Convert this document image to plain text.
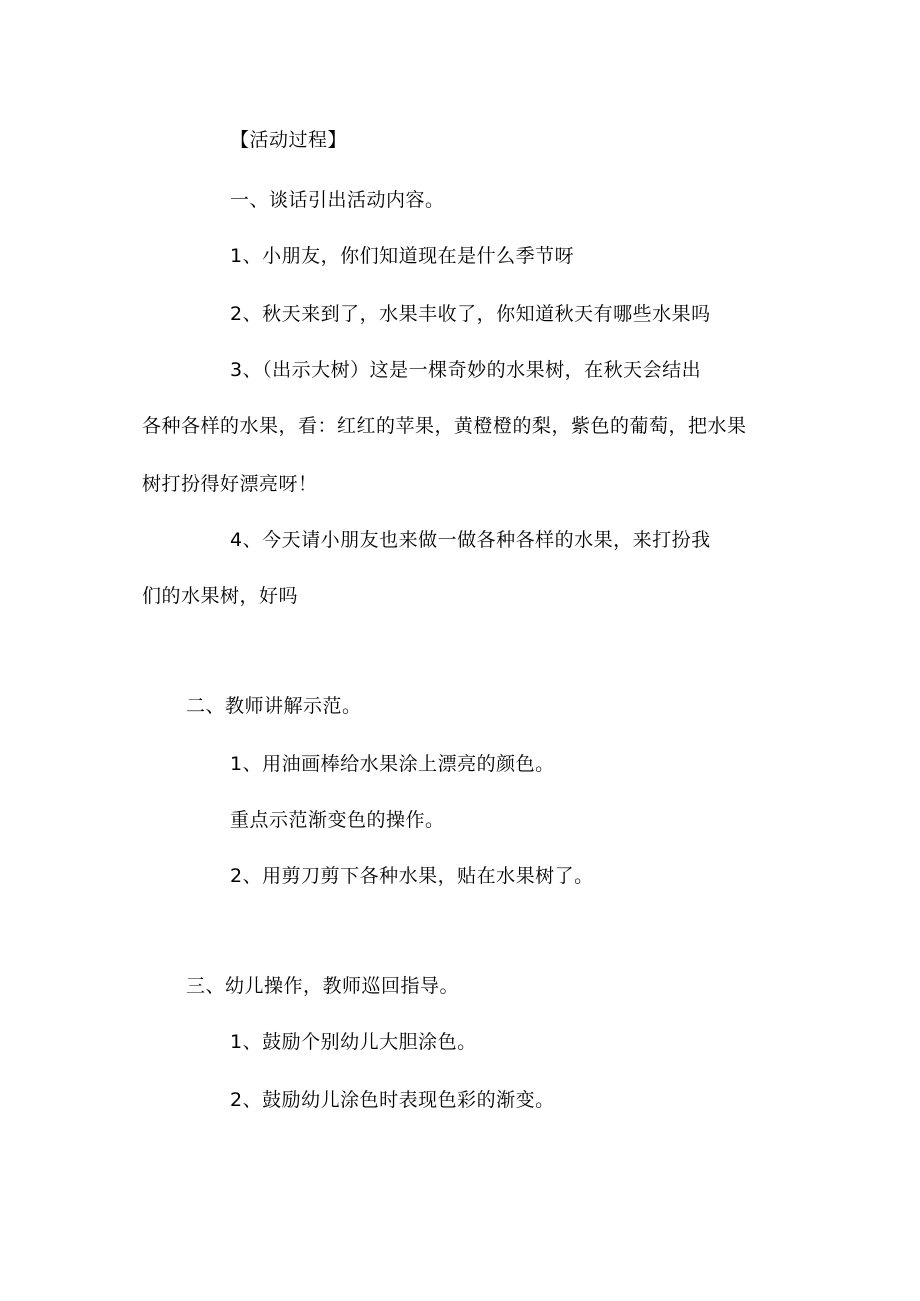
【活动过程】
一、谈话引出活动内容。
1、小朋友，你们知道现在是什么季节呀
2、秋天来到了，水果丰收了，你知道秋天有哪些水果吗
3、（出示大树）这是一棵奇妙的水果树，在秋天会结出
各种各样的水果，看：红红的苹果，黄橙橙的梨，紫色的葡萄，把水果
树打扮得好漂亮呀！
4、今天请小朋友也来做一做各种各样的水果，来打扮我
们的水果树，好吗
二、教师讲解示范。
1、用油画棒给水果涂上漂亮的颜色。
重点示范渐变色的操作。
2、用剪刀剪下各种水果，贴在水果树了。
三、幼儿操作，教师巡回指导。
1、鼓励个别幼儿大胆涂色。
2、鼓励幼儿涂色时表现色彩的渐变。
